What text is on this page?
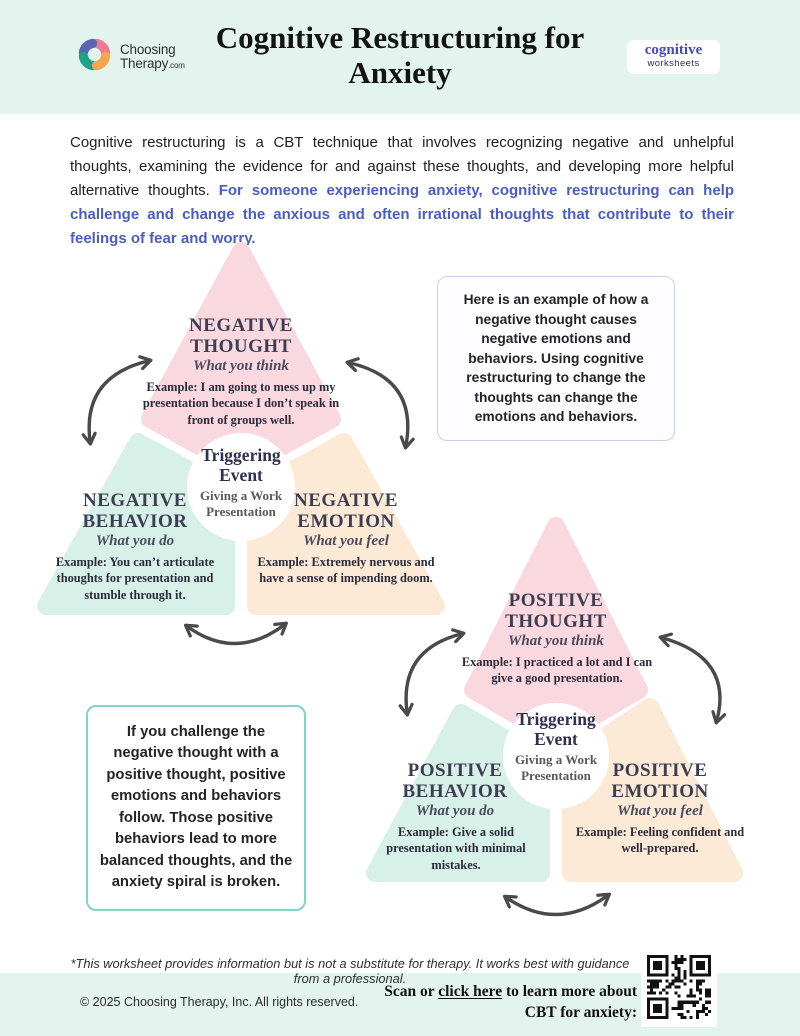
Choosing
Therapy.com
Cognitive Restructuring for Anxiety
cognitive
worksheets

Cognitive restructuring is a CBT technique that involves recognizing negative and unhelpful thoughts, examining the evidence for and against these thoughts, and developing more helpful alternative thoughts. For someone experiencing anxiety, cognitive restructuring can help challenge and change the anxious and often irrational thoughts that contribute to their feelings of fear and worry.

NEGATIVE THOUGHT
What you think
Example: I am going to mess up my presentation because I don’t speak in front of groups well.
Triggering Event
Giving a Work Presentation
NEGATIVE BEHAVIOR
What you do
Example: You can’t articulate thoughts for presentation and stumble through it.
NEGATIVE EMOTION
What you feel
Example: Extremely nervous and have a sense of impending doom.
Here is an example of how a negative thought causes negative emotions and behaviors. Using cognitive restructuring to change the thoughts can change the emotions and behaviors.
POSITIVE THOUGHT
What you think
Example: I practiced a lot and I can give a good presentation.
Triggering Event
Giving a Work Presentation
POSITIVE BEHAVIOR
What you do
Example: Give a solid presentation with minimal mistakes.
POSITIVE EMOTION
What you feel
Example: Feeling confident and well-prepared.
If you challenge the negative thought with a positive thought, positive emotions and behaviors follow. Those positive behaviors lead to more balanced thoughts, and the anxiety spiral is broken.
*This worksheet provides information but is not a substitute for therapy. It works best with guidance from a professional.
© 2025 Choosing Therapy, Inc. All rights reserved.
Scan or click here to learn more about CBT for anxiety:
